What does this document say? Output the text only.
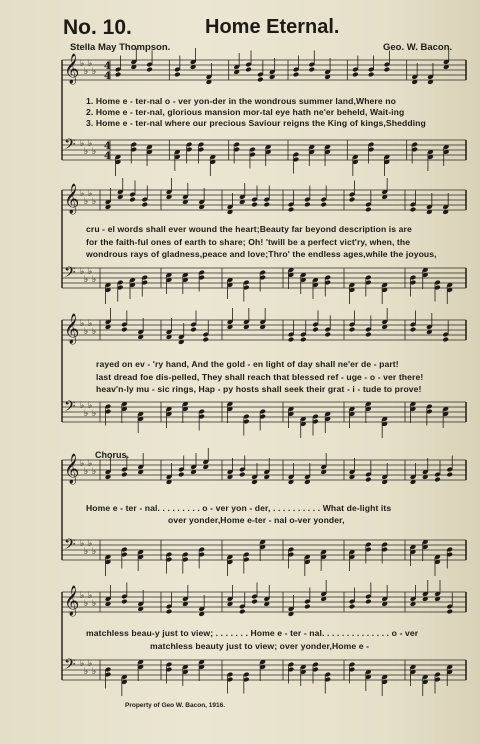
No. 10.	Home Eternal.
Stella May Thompson.	Geo. W. Bacon.
𝄞 ♭
♭
♭
♭
𝄢 ♭
♭
♭
♭
𝄞 ♭
♭
♭
♭
𝄢 ♭
♭
♭
♭
𝄞 ♭
♭
♭
♭
𝄢 ♭
♭
♭
♭
𝄞 ♭
♭
♭
♭
𝄢 ♭
♭
♭
♭
𝄞 ♭
♭
♭
♭
𝄢 ♭
♭
♭
♭
4
4
4
4
1. Home e - ter-nal o - ver yon-der in the wondrous summer land,Where no
2. Home e - ter-nal, glorious mansion mor-tal eye hath ne'er beheld, Wait-ing
3. Home e - ter-nal where our precious Saviour reigns the King of kings,Shedding
cru - el words shall ever wound the heart;Beauty far beyond description is are
for the faith-ful ones of earth to share; Oh! 'twill be a perfect vict'ry, when, the
wondrous rays of gladness,peace and love;Thro' the endless ages,while the joyous,
rayed on ev - 'ry hand, And the gold - en light of day shall ne'er de - part!
last dread foe dis-pelled, They shall reach that blessed ref - uge - o - ver there!
heav'n-ly mu - sic rings, Hap - py hosts shall seek their grat - i - tude to prove!
Chorus.
Home e - ter - nal. . . . . . . . . o - ver yon - der, . . . . . . . . . . What de-light its
over yonder,Home e-ter - nal o-ver yonder,
matchless beau-y just to view; . . . . . . . Home e - ter - nal. . . . . . . . . . . . . . o - ver
matchless beauty just to view; over yonder,Home e -
Property of Geo W. Bacon, 1916.
